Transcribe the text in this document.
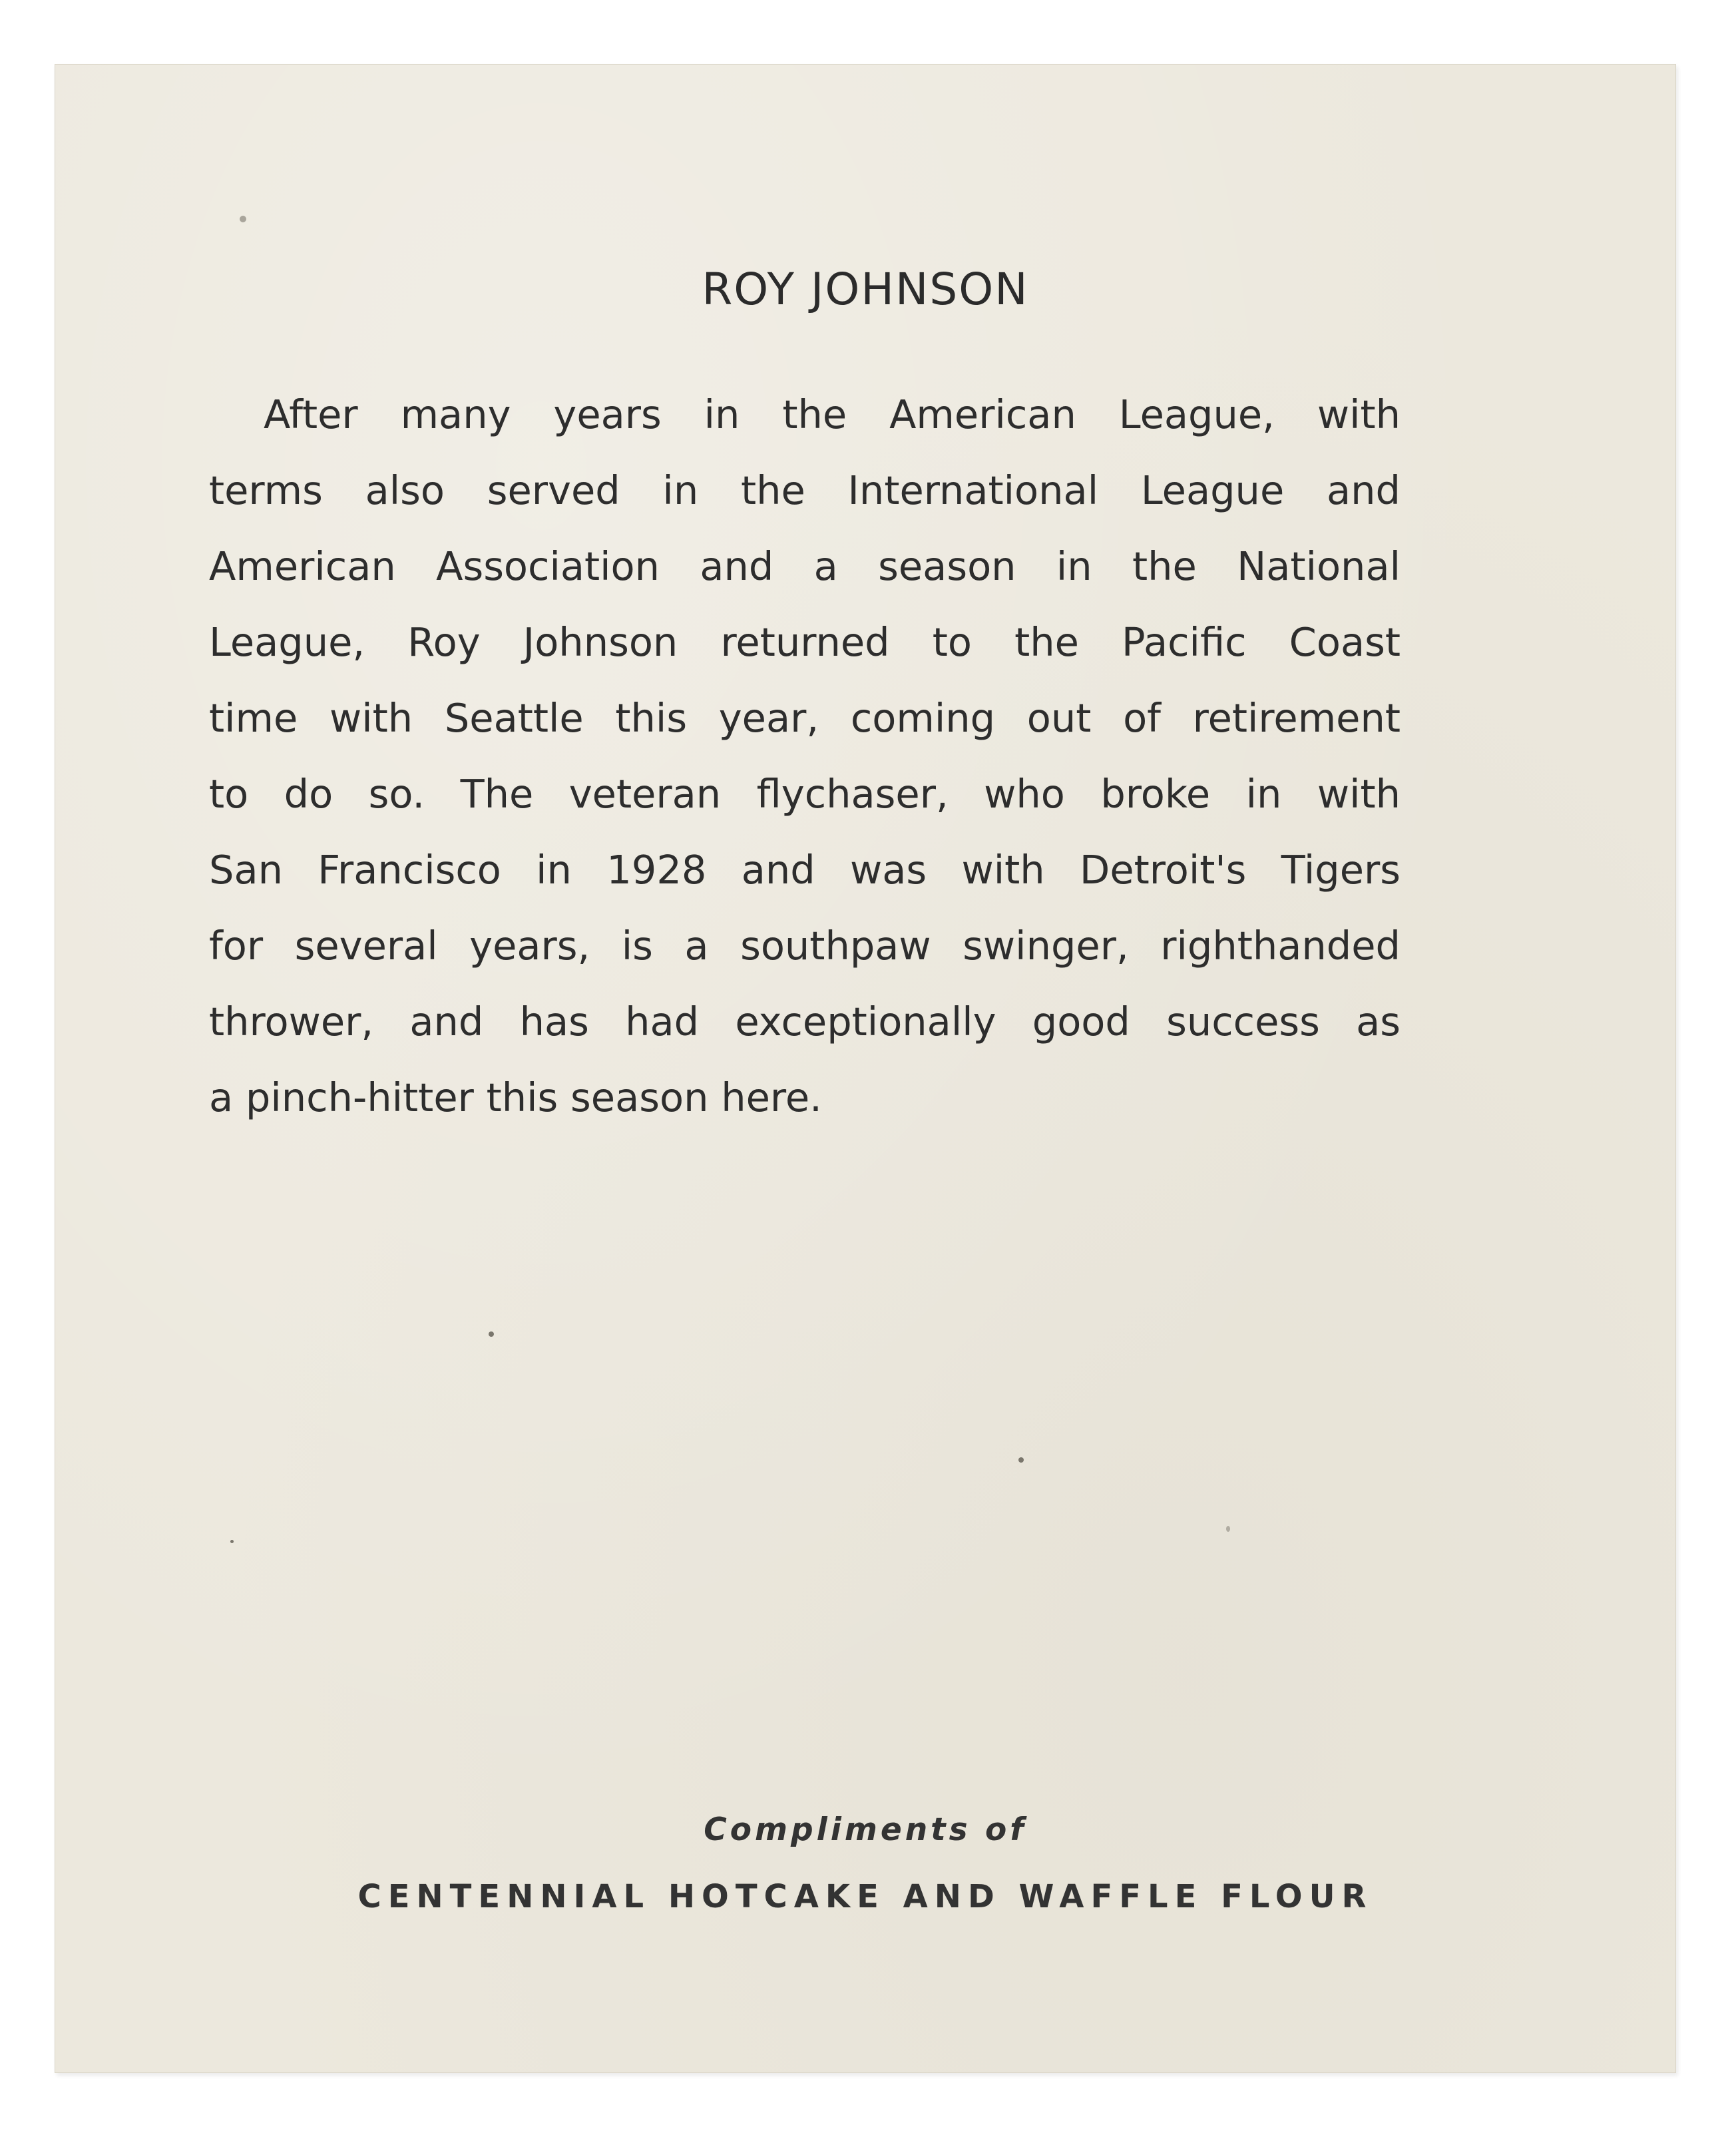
ROY JOHNSON

After many years in the American League, with
terms also served in the International League and
American Association and a season in the National
League, Roy Johnson returned to the Pacific Coast
time with Seattle this year, coming out of retirement
to do so. The veteran flychaser, who broke in with
San Francisco in 1928 and was with Detroit's Tigers
for several years, is a southpaw swinger, righthanded
thrower, and has had exceptionally good success as
a pinch-hitter this season here.

Compliments of

CENTENNIAL HOTCAKE AND WAFFLE FLOUR
